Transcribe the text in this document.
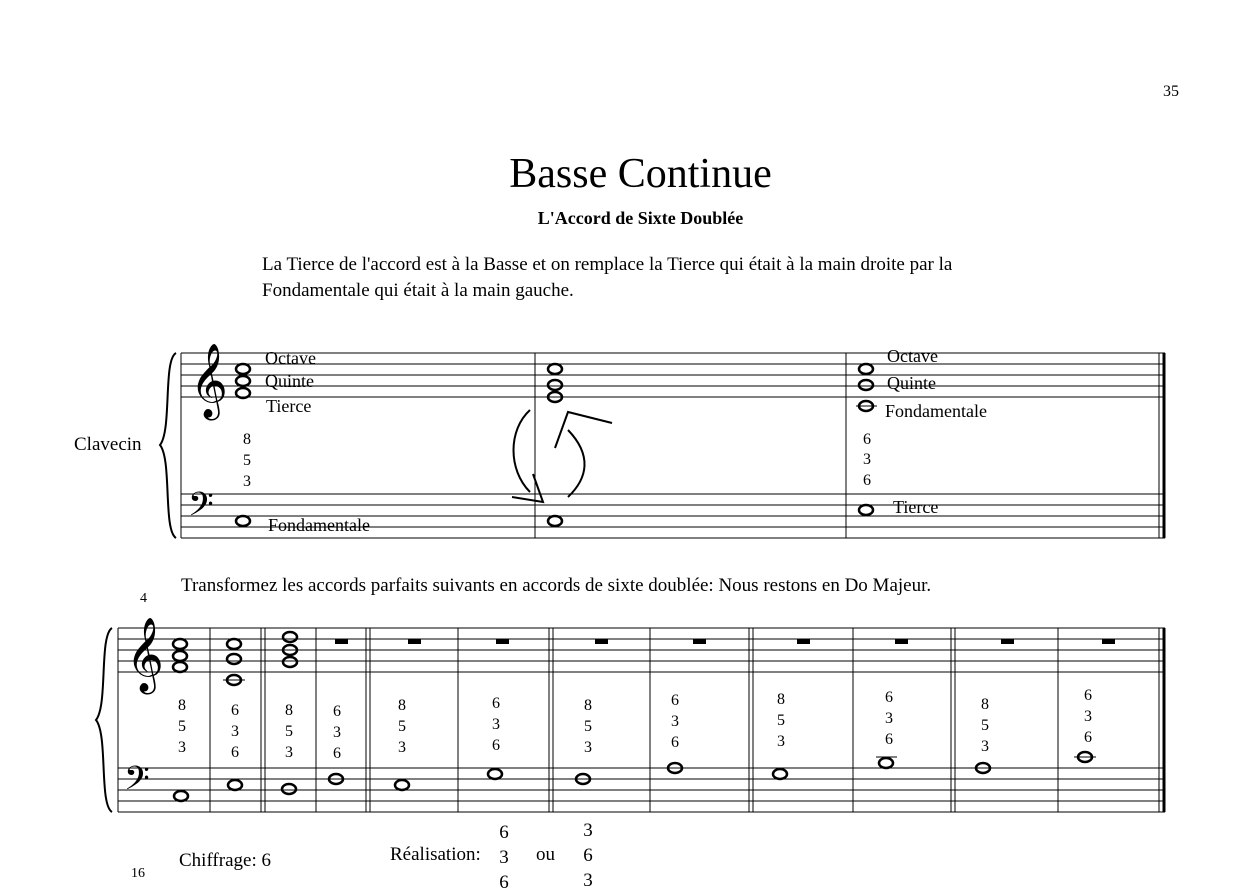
35
Basse Continue
L'Accord de Sixte Doublée
La Tierce de l'accord est à la Basse et on remplace la Tierce qui était à la main droite par la
Fondamentale qui était à la main gauche.
Clavecin
Transformez les accords parfaits suivants en accords de sixte doublée: Nous restons en Do Majeur.
4
𝄞
𝄢
Octave
Quinte
Tierce
Fondamentale
Octave
Quinte
Fondamentale
Tierce
8
5
3
6
3
6
𝄞
𝄢
8
5
3
6
3
6
8
5
3
6
3
6
8
5
3
6
3
6
8
5
3
6
3
6
8
5
3
6
3
6
8
5
3
6
3
6
Chiffrage: 6	Réalisation:	ou
6
3
6
3
6
3
16
